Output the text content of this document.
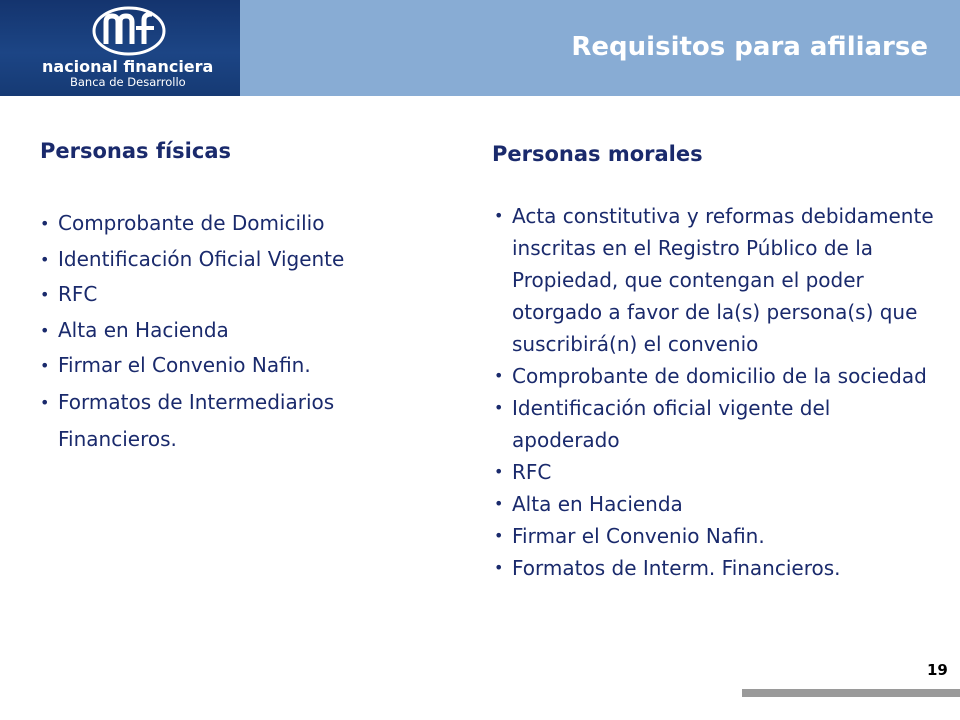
nacional financiera
Banca de Desarrollo
Requisitos para afiliarse
Personas físicas
• Comprobante de Domicilio
• Identificación Oficial Vigente
• RFC
• Alta en Hacienda
• Firmar el Convenio Nafin.
• Formatos de Intermediarios Financieros.
Personas morales
• Acta constitutiva y reformas debidamente inscritas en el Registro Público de la Propiedad, que contengan el poder otorgado a favor de la(s) persona(s) que suscribirá(n) el convenio
• Comprobante de domicilio de la sociedad
• Identificación oficial vigente del apoderado
• RFC
• Alta en Hacienda
• Firmar el Convenio Nafin.
• Formatos de Interm. Financieros.
19
